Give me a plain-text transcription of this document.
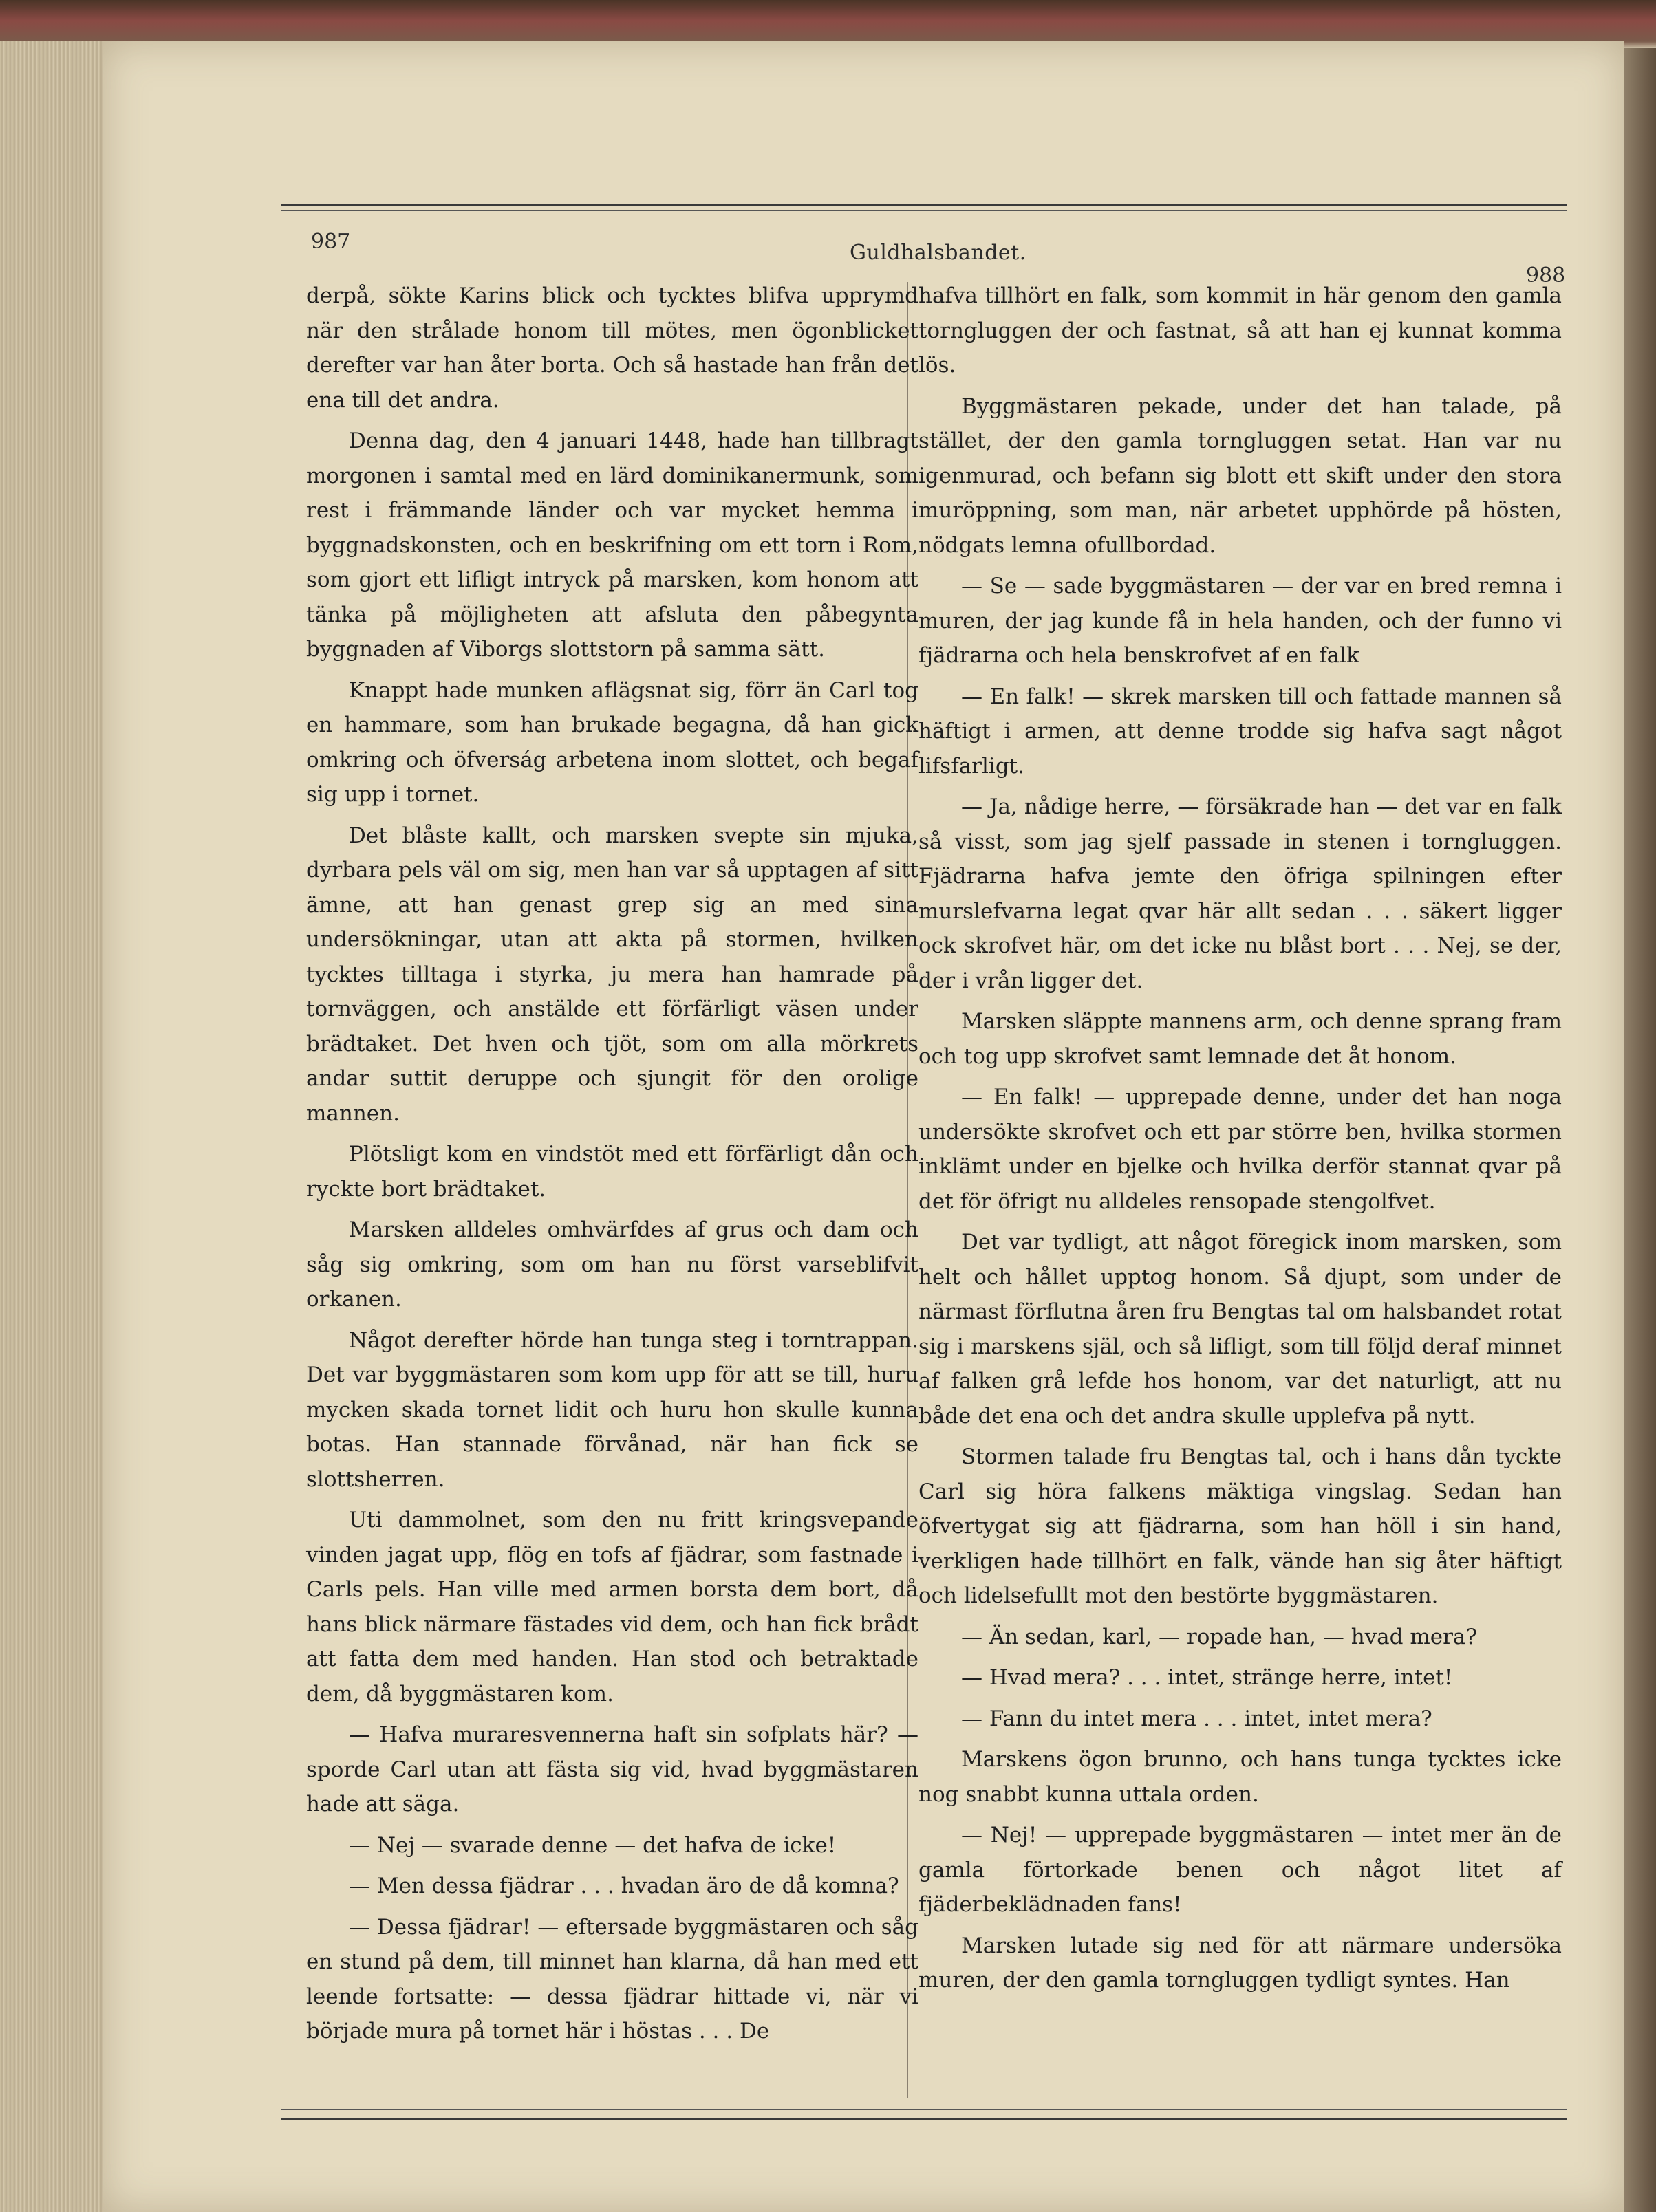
987	Guldhalsbandet.
988

derpå, sökte Karins blick och tycktes blifva upprymd när den strålade honom till mötes, men ögonblicket derefter var han åter borta. Och så hastade han från det ena till det andra.

Denna dag, den 4 januari 1448, hade han tillbragt morgonen i samtal med en lärd dominikanermunk, som rest i främmande länder och var mycket hemma i byggnadskonsten, och en beskrifning om ett torn i Rom, som gjort ett lifligt intryck på marsken, kom honom att tänka på möjligheten att afsluta den påbegynta byggnaden af Viborgs slottstorn på samma sätt.

Knappt hade munken aflägsnat sig, förr än Carl tog en hammare, som han brukade begagna, då han gick omkring och öfverság arbetena inom slottet, och begaf sig upp i tornet.

Det blåste kallt, och marsken svepte sin mjuka, dyrbara pels väl om sig, men han var så upptagen af sitt ämne, att han genast grep sig an med sina undersökningar, utan att akta på stormen, hvilken tycktes tilltaga i styrka, ju mera han hamrade på tornväggen, och anstälde ett förfärligt väsen under brädtaket. Det hven och tjöt, som om alla mörkrets andar suttit deruppe och sjungit för den orolige mannen.

Plötsligt kom en vindstöt med ett förfärligt dån och ryckte bort brädtaket.

Marsken alldeles omhvärfdes af grus och dam och såg sig omkring, som om han nu först varseblifvit orkanen.

Något derefter hörde han tunga steg i torntrappan. Det var byggmästaren som kom upp för att se till, huru mycken skada tornet lidit och huru hon skulle kunna botas. Han stannade förvånad, när han fick se slottsherren.

Uti dammolnet, som den nu fritt kringsvepande vinden jagat upp, flög en tofs af fjädrar, som fastnade i Carls pels. Han ville med armen borsta dem bort, då hans blick närmare fästades vid dem, och han fick brådt att fatta dem med handen. Han stod och betraktade dem, då byggmästaren kom.

— Hafva muraresvennerna haft sin sofplats här? — sporde Carl utan att fästa sig vid, hvad byggmästaren hade att säga.

— Nej — svarade denne — det hafva de icke!

— Men dessa fjädrar . . . hvadan äro de då komna?

— Dessa fjädrar! — eftersade byggmästaren och såg en stund på dem, till minnet han klarna, då han med ett leende fortsatte: — dessa fjädrar hittade vi, när vi började mura på tornet här i höstas . . . De

hafva tillhört en falk, som kommit in här genom den gamla torngluggen der och fastnat, så att han ej kunnat komma lös.

Byggmästaren pekade, under det han talade, på stället, der den gamla torngluggen setat. Han var nu igenmurad, och befann sig blott ett skift under den stora muröppning, som man, när arbetet upphörde på hösten, nödgats lemna ofullbordad.

— Se — sade byggmästaren — der var en bred remna i muren, der jag kunde få in hela handen, och der funno vi fjädrarna och hela benskrofvet af en falk

— En falk! — skrek marsken till och fattade mannen så häftigt i armen, att denne trodde sig hafva sagt något lifsfarligt.

— Ja, nådige herre, — försäkrade han — det var en falk så visst, som jag sjelf passade in stenen i torngluggen. Fjädrarna hafva jemte den öfriga spilningen efter murslefvarna legat qvar här allt sedan . . . säkert ligger ock skrofvet här, om det icke nu blåst bort . . . Nej, se der, der i vrån ligger det.

Marsken släppte mannens arm, och denne sprang fram och tog upp skrofvet samt lemnade det åt honom.

— En falk! — upprepade denne, under det han noga undersökte skrofvet och ett par större ben, hvilka stormen inklämt under en bjelke och hvilka derför stannat qvar på det för öfrigt nu alldeles rensopade stengolfvet.

Det var tydligt, att något föregick inom marsken, som helt och hållet upptog honom. Så djupt, som under de närmast förflutna åren fru Bengtas tal om halsbandet rotat sig i marskens själ, och så lifligt, som till följd deraf minnet af falken grå lefde hos honom, var det naturligt, att nu både det ena och det andra skulle upplefva på nytt.

Stormen talade fru Bengtas tal, och i hans dån tyckte Carl sig höra falkens mäktiga vingslag. Sedan han öfvertygat sig att fjädrarna, som han höll i sin hand, verkligen hade tillhört en falk, vände han sig åter häftigt och lidelsefullt mot den bestörte byggmästaren.

— Än sedan, karl, — ropade han, — hvad mera?

— Hvad mera? . . . intet, stränge herre, intet!

— Fann du intet mera . . . intet, intet mera?

Marskens ögon brunno, och hans tunga tycktes icke nog snabbt kunna uttala orden.

— Nej! — upprepade byggmästaren — intet mer än de gamla förtorkade benen och något litet af fjäderbeklädnaden fans!

Marsken lutade sig ned för att närmare undersöka muren, der den gamla torngluggen tydligt syntes. Han
